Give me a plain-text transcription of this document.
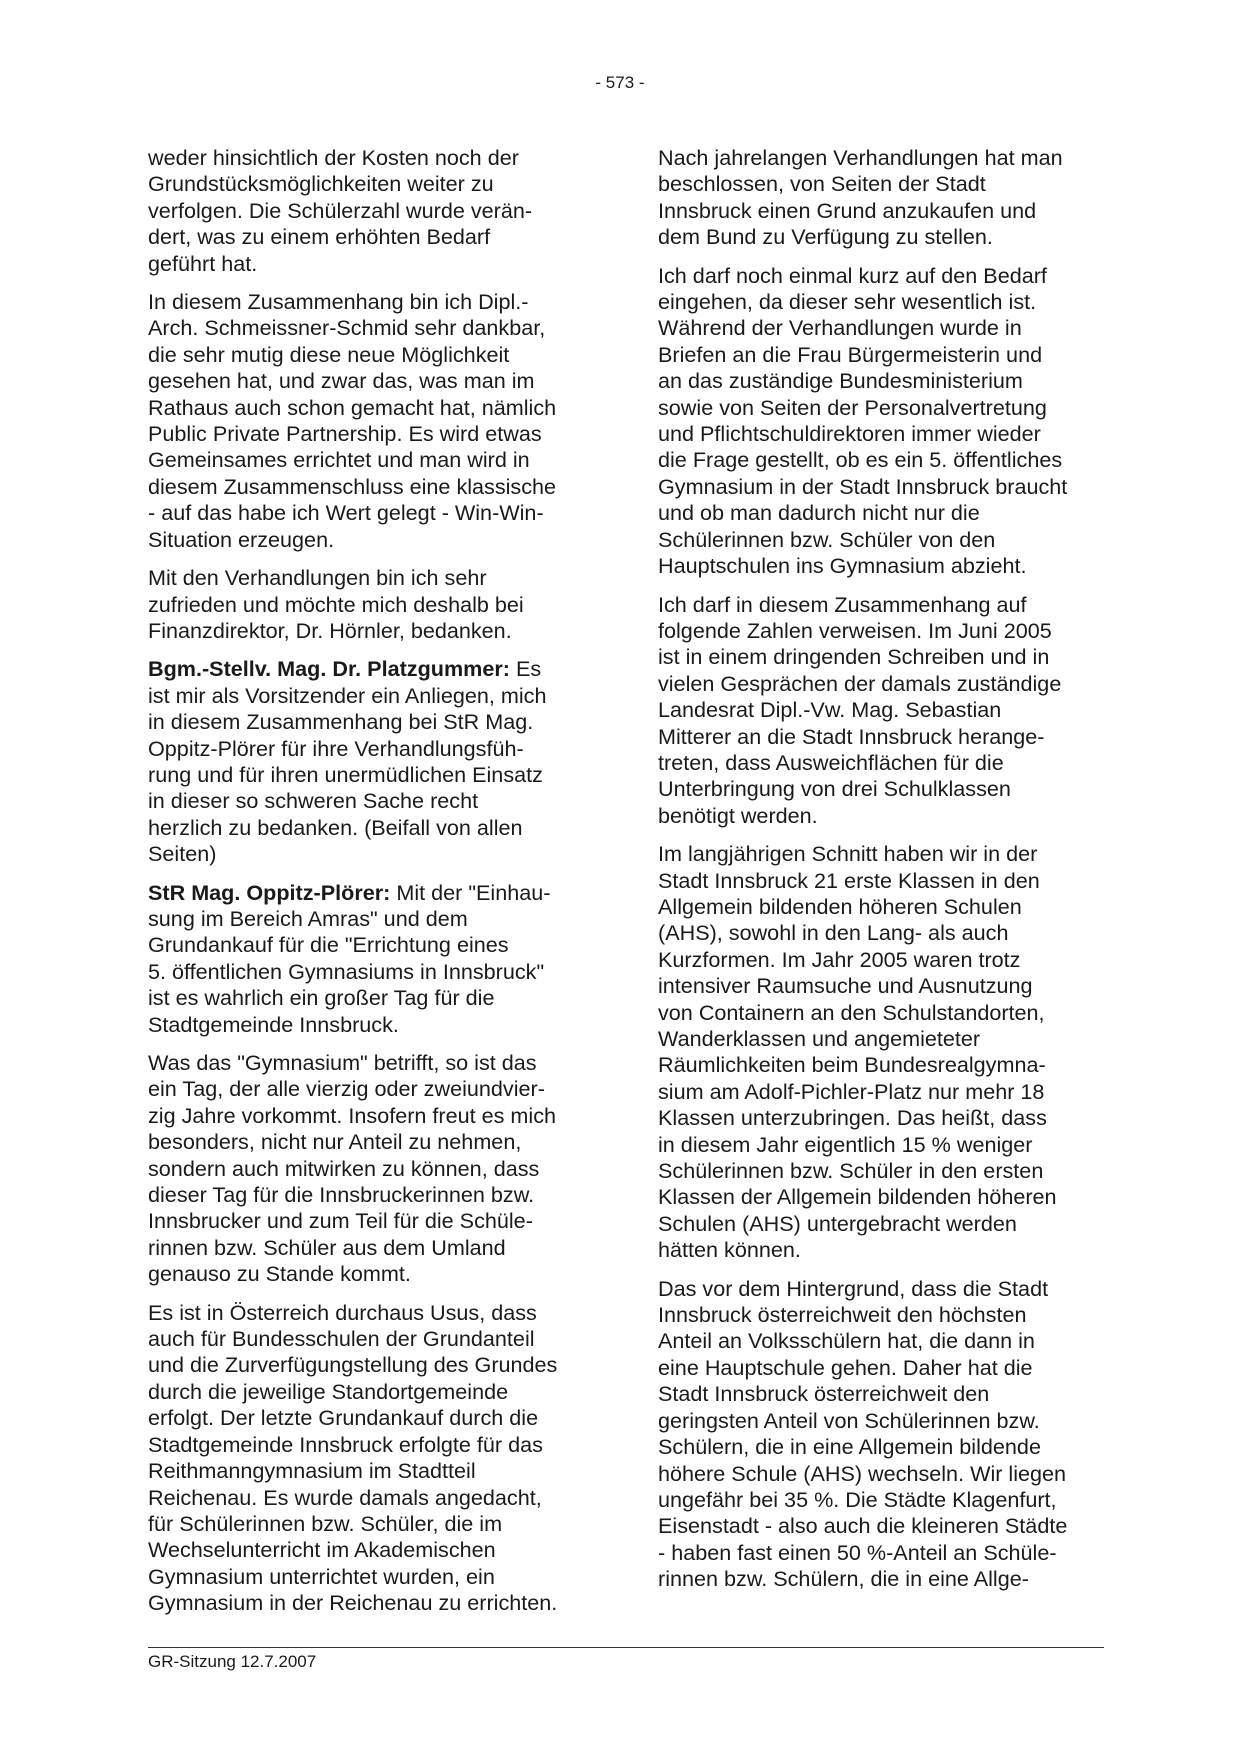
- 573 -

weder hinsichtlich der Kosten noch der
Grundstücksmöglichkeiten weiter zu
verfolgen. Die Schülerzahl wurde verän-
dert, was zu einem erhöhten Bedarf
geführt hat.

In diesem Zusammenhang bin ich Dipl.-
Arch. Schmeissner-Schmid sehr dankbar,
die sehr mutig diese neue Möglichkeit
gesehen hat, und zwar das, was man im
Rathaus auch schon gemacht hat, nämlich
Public Private Partnership. Es wird etwas
Gemeinsames errichtet und man wird in
diesem Zusammenschluss eine klassische
- auf das habe ich Wert gelegt - Win-Win-
Situation erzeugen.

Mit den Verhandlungen bin ich sehr
zufrieden und möchte mich deshalb bei
Finanzdirektor, Dr. Hörnler, bedanken.

Bgm.-Stellv. Mag. Dr. Platzgummer: Es
ist mir als Vorsitzender ein Anliegen, mich
in diesem Zusammenhang bei StR Mag.
Oppitz-Plörer für ihre Verhandlungsfüh-
rung und für ihren unermüdlichen Einsatz
in dieser so schweren Sache recht
herzlich zu bedanken. (Beifall von allen
Seiten)

StR Mag. Oppitz-Plörer: Mit der "Einhau-
sung im Bereich Amras" und dem
Grundankauf für die "Errichtung eines
5. öffentlichen Gymnasiums in Innsbruck"
ist es wahrlich ein großer Tag für die
Stadtgemeinde Innsbruck.

Was das "Gymnasium" betrifft, so ist das
ein Tag, der alle vierzig oder zweiundvier-
zig Jahre vorkommt. Insofern freut es mich
besonders, nicht nur Anteil zu nehmen,
sondern auch mitwirken zu können, dass
dieser Tag für die Innsbruckerinnen bzw.
Innsbrucker und zum Teil für die Schüle-
rinnen bzw. Schüler aus dem Umland
genauso zu Stande kommt.

Es ist in Österreich durchaus Usus, dass
auch für Bundesschulen der Grundanteil
und die Zurverfügungstellung des Grundes
durch die jeweilige Standortgemeinde
erfolgt. Der letzte Grundankauf durch die
Stadtgemeinde Innsbruck erfolgte für das
Reithmanngymnasium im Stadtteil
Reichenau. Es wurde damals angedacht,
für Schülerinnen bzw. Schüler, die im
Wechselunterricht im Akademischen
Gymnasium unterrichtet wurden, ein
Gymnasium in der Reichenau zu errichten.

Nach jahrelangen Verhandlungen hat man
beschlossen, von Seiten der Stadt
Innsbruck einen Grund anzukaufen und
dem Bund zu Verfügung zu stellen.

Ich darf noch einmal kurz auf den Bedarf
eingehen, da dieser sehr wesentlich ist.
Während der Verhandlungen wurde in
Briefen an die Frau Bürgermeisterin und
an das zuständige Bundesministerium
sowie von Seiten der Personalvertretung
und Pflichtschuldirektoren immer wieder
die Frage gestellt, ob es ein 5. öffentliches
Gymnasium in der Stadt Innsbruck braucht
und ob man dadurch nicht nur die
Schülerinnen bzw. Schüler von den
Hauptschulen ins Gymnasium abzieht.

Ich darf in diesem Zusammenhang auf
folgende Zahlen verweisen. Im Juni 2005
ist in einem dringenden Schreiben und in
vielen Gesprächen der damals zuständige
Landesrat Dipl.-Vw. Mag. Sebastian
Mitterer an die Stadt Innsbruck herange-
treten, dass Ausweichflächen für die
Unterbringung von drei Schulklassen
benötigt werden.

Im langjährigen Schnitt haben wir in der
Stadt Innsbruck 21 erste Klassen in den
Allgemein bildenden höheren Schulen
(AHS), sowohl in den Lang- als auch
Kurzformen. Im Jahr 2005 waren trotz
intensiver Raumsuche und Ausnutzung
von Containern an den Schulstandorten,
Wanderklassen und angemieteter
Räumlichkeiten beim Bundesrealgymna-
sium am Adolf-Pichler-Platz nur mehr 18
Klassen unterzubringen. Das heißt, dass
in diesem Jahr eigentlich 15 % weniger
Schülerinnen bzw. Schüler in den ersten
Klassen der Allgemein bildenden höheren
Schulen (AHS) untergebracht werden
hätten können.

Das vor dem Hintergrund, dass die Stadt
Innsbruck österreichweit den höchsten
Anteil an Volksschülern hat, die dann in
eine Hauptschule gehen. Daher hat die
Stadt Innsbruck österreichweit den
geringsten Anteil von Schülerinnen bzw.
Schülern, die in eine Allgemein bildende
höhere Schule (AHS) wechseln. Wir liegen
ungefähr bei 35 %. Die Städte Klagenfurt,
Eisenstadt - also auch die kleineren Städte
- haben fast einen 50 %-Anteil an Schüle-
rinnen bzw. Schülern, die in eine Allge-

GR-Sitzung 12.7.2007
